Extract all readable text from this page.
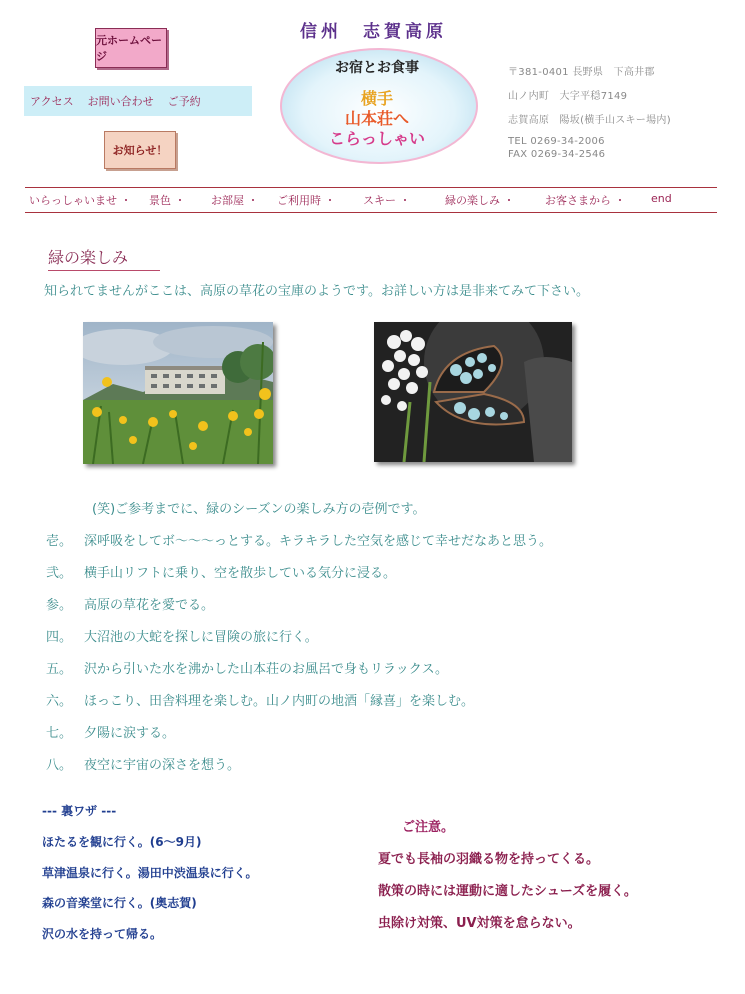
元ホームページ
アクセス お問い合わせ ご予約
お知らせ！
信州　志賀高原
お宿とお食事
横手
山本荘へ
こらっしゃい
〒381-0401 長野県　下高井郡
山ノ内町　大字平穏7149
志賀高原　陽坂(横手山スキー場内)
TEL 0269-34-2006
FAX 0269-34-2546
いらっしゃいませ ・	景色 ・	お部屋 ・	ご利用時 ・	スキー ・	緑の楽しみ ・	お客さまから ・	end
緑の楽しみ
知られてませんがここは、高原の草花の宝庫のようです。お詳しい方は是非来てみて下さい。
(笑)ご参考までに、緑のシーズンの楽しみ方の壱例です。
壱。 深呼吸をしてボ～～～っとする。キラキラした空気を感じて幸せだなあと思う。
弐。 横手山リフトに乗り、空を散歩している気分に浸る。
参。 高原の草花を愛でる。
四。 大沼池の大蛇を探しに冒険の旅に行く。
五。 沢から引いた水を沸かした山本荘のお風呂で身もリラックス。
六。 ほっこり、田舎料理を楽しむ。山ノ内町の地酒「縁喜」を楽しむ。
七。 夕陽に涙する。
八。 夜空に宇宙の深さを想う。
--- 裏ワザ ---
ほたるを観に行く。(6～9月)
草津温泉に行く。湯田中渋温泉に行く。
森の音楽堂に行く。(奥志賀)
沢の水を持って帰る。
ご注意。
夏でも長袖の羽織る物を持ってくる。
散策の時には運動に適したシューズを履く。
虫除け対策、UV対策を怠らない。
